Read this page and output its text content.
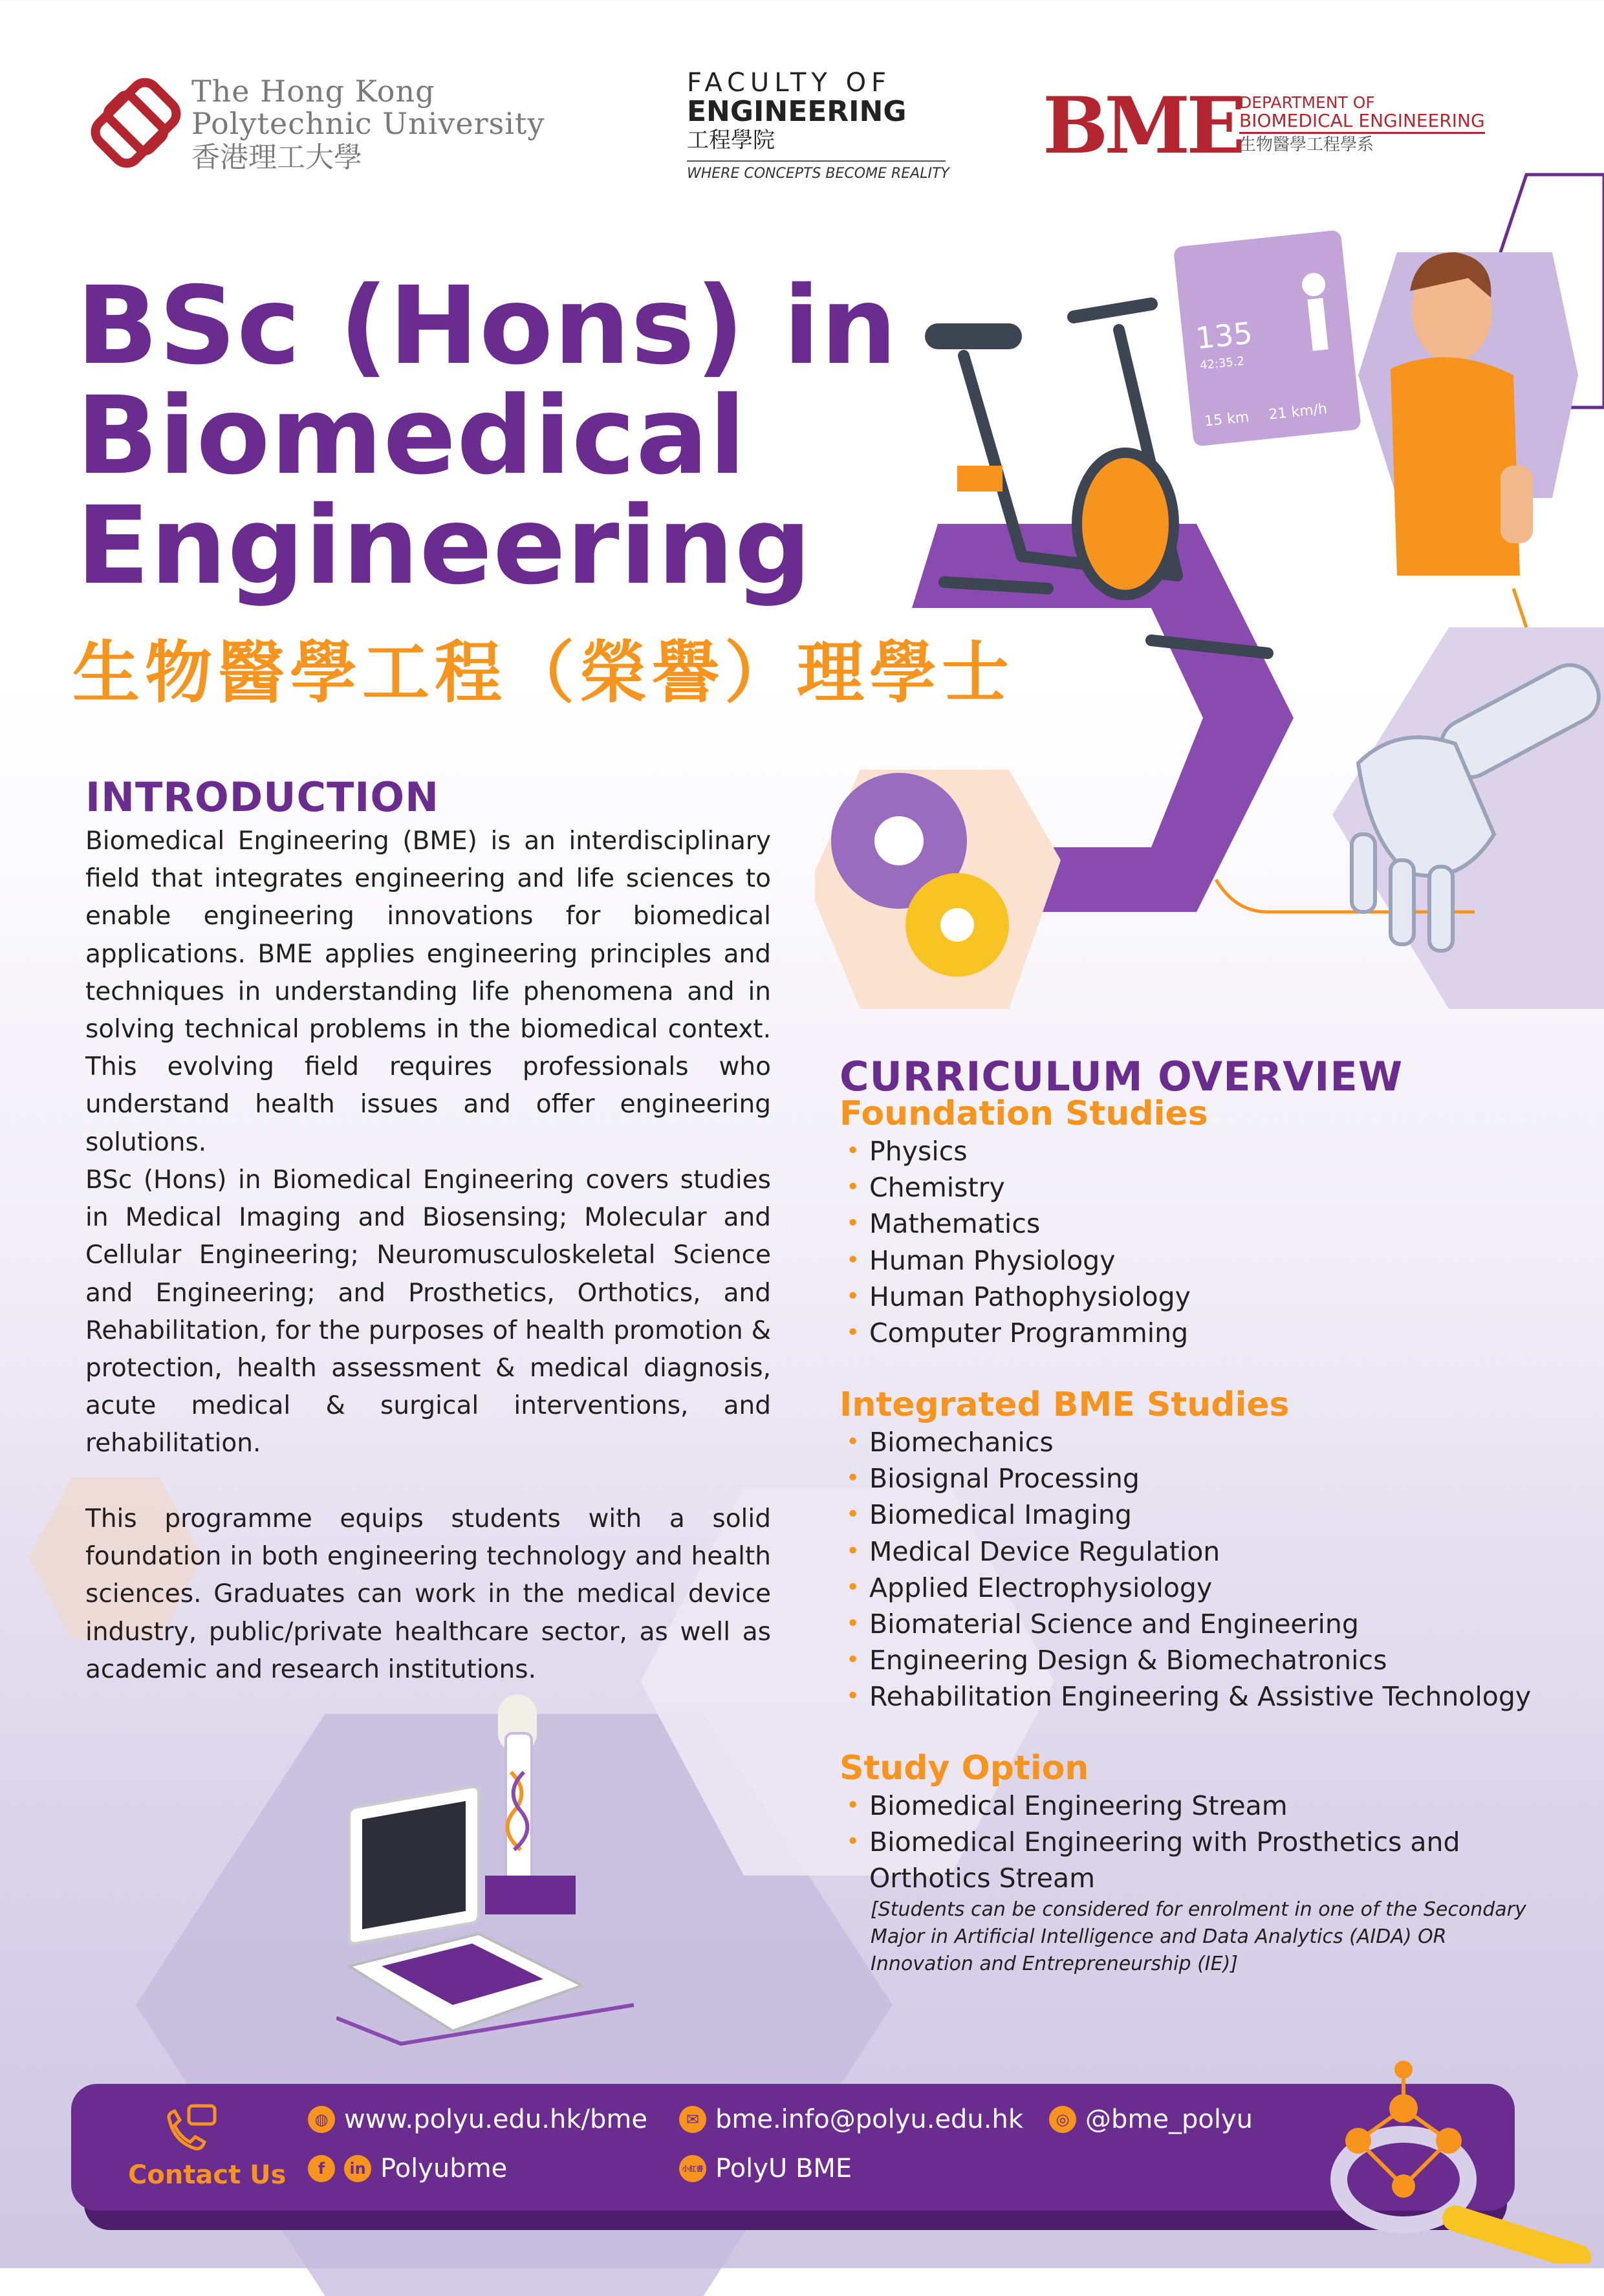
The Hong Kong
Polytechnic University
香港理工大學
FACULTY OF
ENGINEERING
工程學院
WHERE CONCEPTS BECOME REALITY
BME
DEPARTMENT OF
BIOMEDICAL ENGINEERING
生物醫學工程學系
BSc (Hons) in
Biomedical
Engineering
生物醫學工程（榮譽）理學士
135
42:35.2
15 km 21 km/h
INTRODUCTION
Biomedical Engineering (BME) is an interdisciplinary field that integrates engineering and life sciences to enable engineering innovations for biomedical applications. BME applies engineering principles and techniques in understanding life phenomena and in solving technical problems in the biomedical context. This evolving field requires professionals who understand health issues and offer engineering solutions.
BSc (Hons) in Biomedical Engineering covers studies in Medical Imaging and Biosensing; Molecular and Cellular Engineering; Neuromusculoskeletal Science and Engineering; and Prosthetics, Orthotics, and Rehabilitation, for the purposes of health promotion & protection, health assessment & medical diagnosis, acute medical & surgical interventions, and rehabilitation.
This programme equips students with a solid foundation in both engineering technology and health sciences. Graduates can work in the medical device industry, public/private healthcare sector, as well as academic and research institutions.
CURRICULUM OVERVIEW
Foundation Studies
• Physics
• Chemistry
• Mathematics
• Human Physiology
• Human Pathophysiology
• Computer Programming
Integrated BME Studies
• Biomechanics
• Biosignal Processing
• Biomedical Imaging
• Medical Device Regulation
• Applied Electrophysiology
• Biomaterial Science and Engineering
• Engineering Design & Biomechatronics
• Rehabilitation Engineering & Assistive Technology
Study Option
• Biomedical Engineering Stream
• Biomedical Engineering with Prosthetics and Orthotics Stream
[Students can be considered for enrolment in one of the Secondary Major in Artificial Intelligence and Data Analytics (AIDA) OR Innovation and Entrepreneurship (IE)]
Contact Us
◍ www.polyu.edu.hk/bme	✉ bme.info@polyu.edu.hk	◎ @bme_polyu
f	in Polyubme	小紅書 PolyU BME
